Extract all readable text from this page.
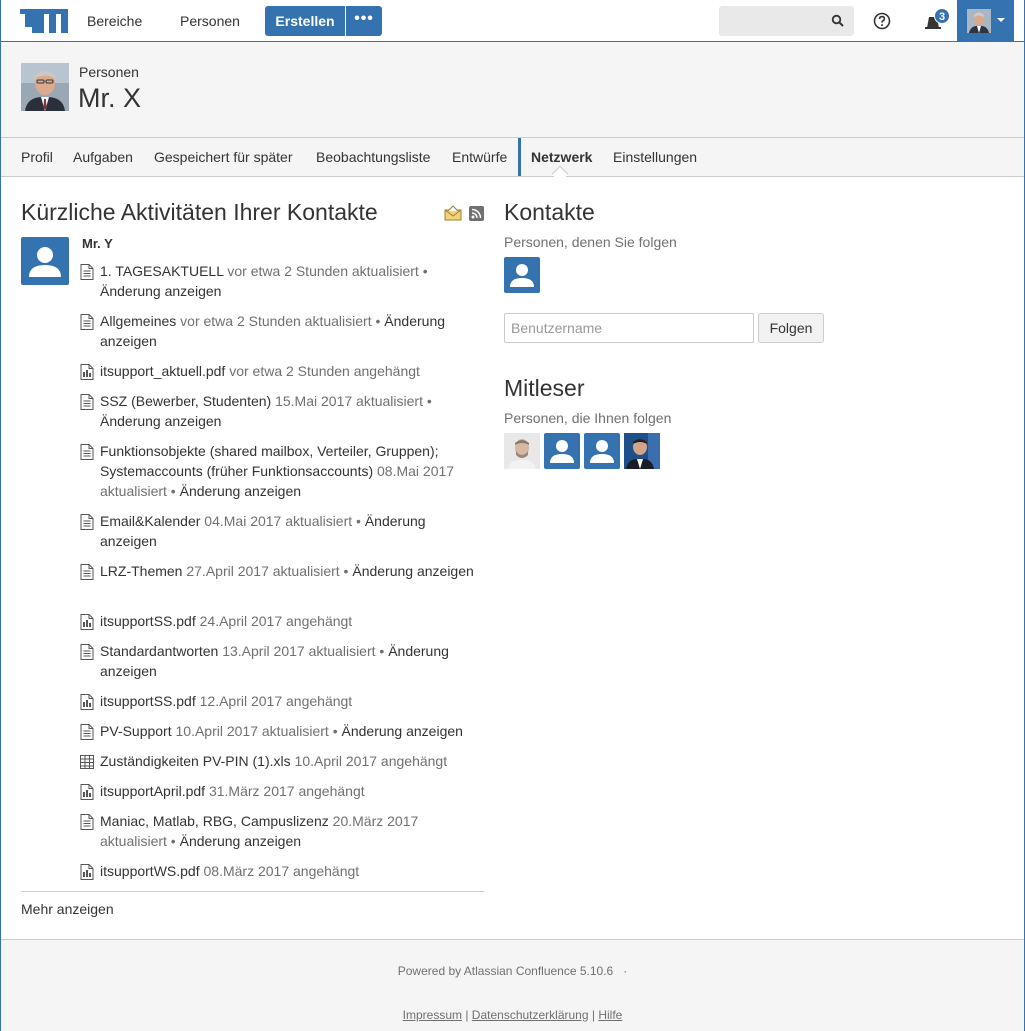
Bereiche	Personen	Erstellen	•••	3
Personen
Mr. X
Profil Aufgaben Gespeichert für später Beobachtungsliste Entwürfe Netzwerk Einstellungen
Kürzliche Aktivitäten Ihrer Kontakte
Mr. Y
1. TAGESAKTUELL vor etwa 2 Stunden aktualisiert • Änderung anzeigen
Allgemeines vor etwa 2 Stunden aktualisiert • Änderung anzeigen
itsupport_aktuell.pdf vor etwa 2 Stunden angehängt
SSZ (Bewerber, Studenten) 15.Mai 2017 aktualisiert • Änderung anzeigen
Funktionsobjekte (shared mailbox, Verteiler, Gruppen); Systemaccounts (früher Funktionsaccounts) 08.Mai 2017 aktualisiert • Änderung anzeigen
Email&Kalender 04.Mai 2017 aktualisiert • Änderung anzeigen
LRZ-Themen 27.April 2017 aktualisiert • Änderung anzeigen
itsupportSS.pdf 24.April 2017 angehängt
Standardantworten 13.April 2017 aktualisiert • Änderung anzeigen
itsupportSS.pdf 12.April 2017 angehängt
PV-Support 10.April 2017 aktualisiert • Änderung anzeigen
Zuständigkeiten PV-PIN (1).xls 10.April 2017 angehängt
itsupportApril.pdf 31.März 2017 angehängt
Maniac, Matlab, RBG, Campuslizenz 20.März 2017 aktualisiert • Änderung anzeigen
itsupportWS.pdf 08.März 2017 angehängt
Mehr anzeigen
Kontakte
Personen, denen Sie folgen
Benutzername
Folgen
Mitleser
Personen, die Ihnen folgen
Powered by Atlassian Confluence 5.10.6   ·
Impressum | Datenschutzerklärung | Hilfe
